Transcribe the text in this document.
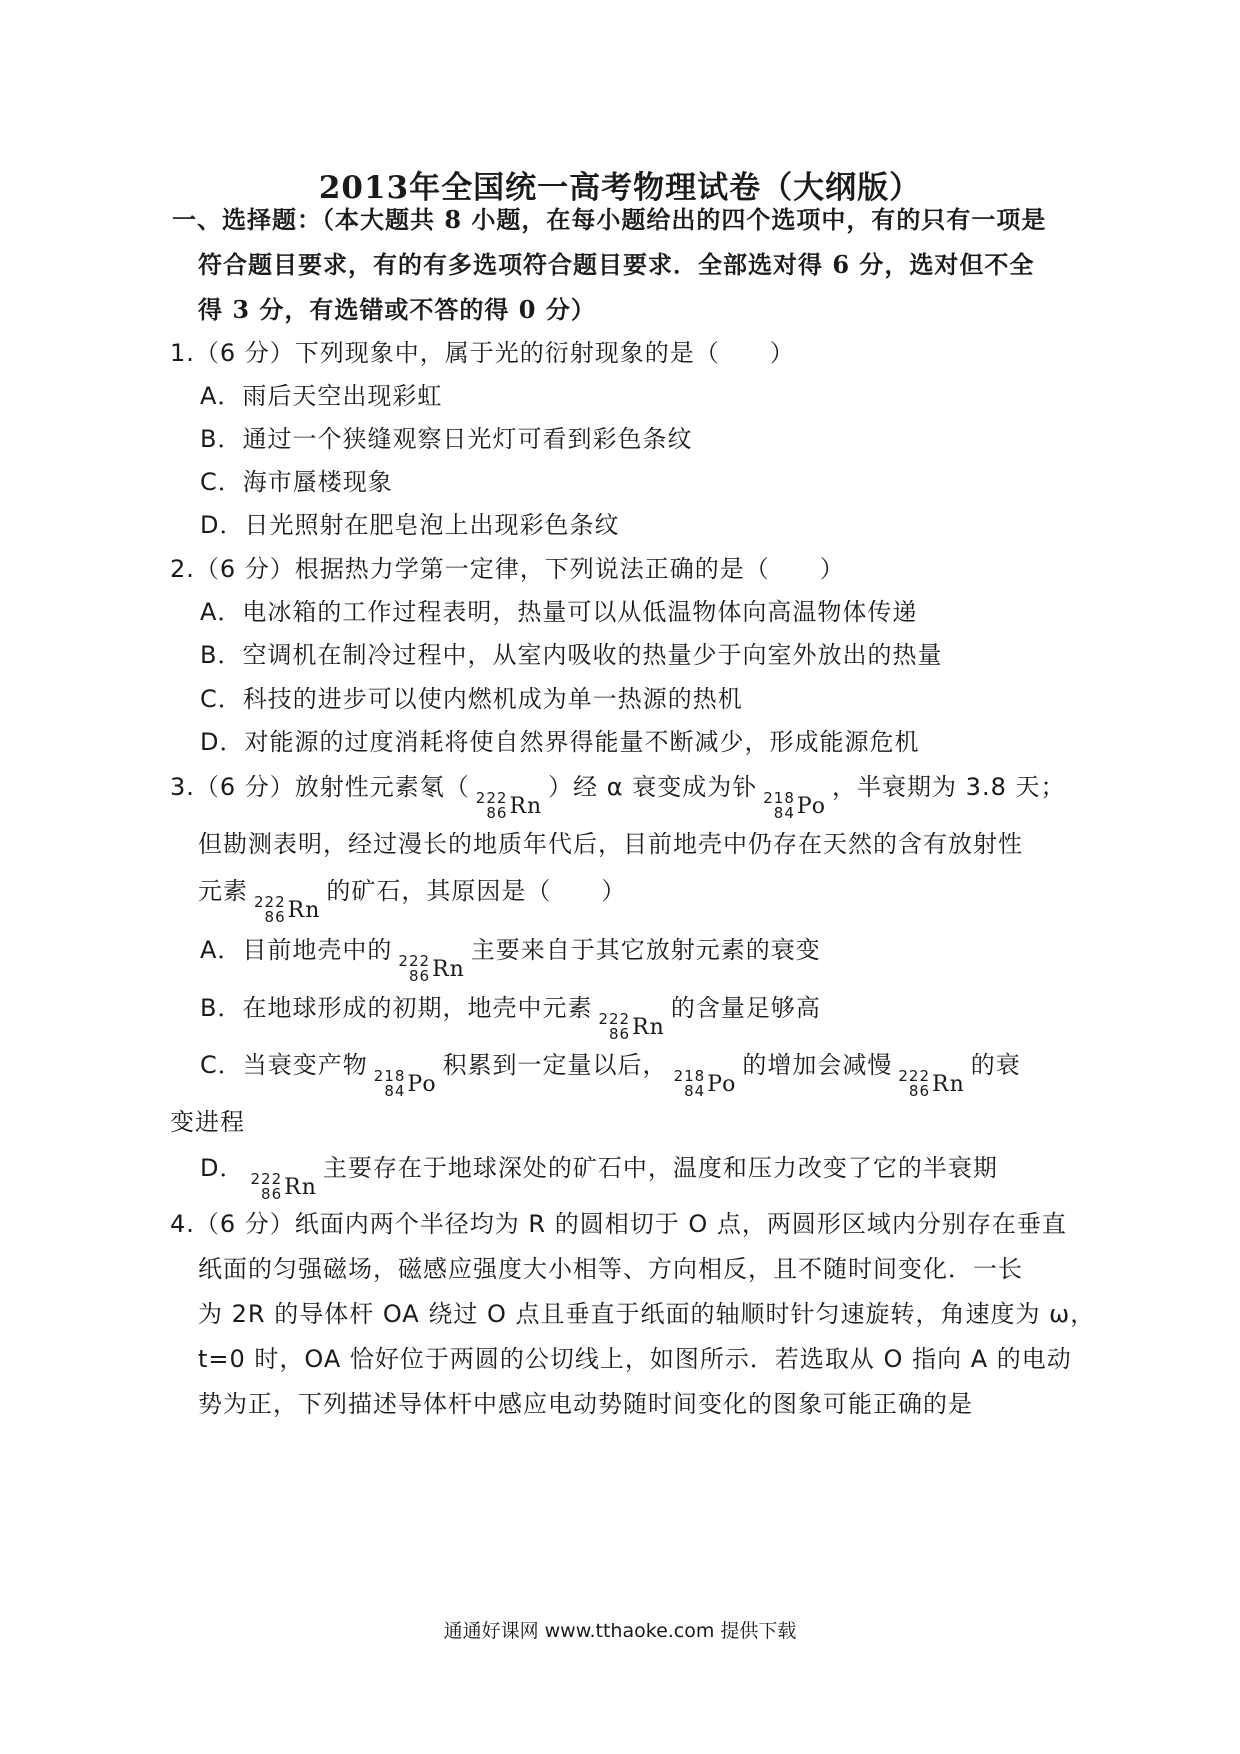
2013年全国统一高考物理试卷（大纲版）
一、选择题：（本大题共 8 小题，在每小题给出的四个选项中，有的只有一项是
符合题目要求，有的有多选项符合题目要求．全部选对得 6 分，选对但不全
得 3 分，有选错或不答的得 0 分）
1.（6 分）下列现象中，属于光的衍射现象的是（　　）
A．雨后天空出现彩虹
B．通过一个狭缝观察日光灯可看到彩色条纹
C．海市蜃楼现象
D．日光照射在肥皂泡上出现彩色条纹
2.（6 分）根据热力学第一定律，下列说法正确的是（　　）
A．电冰箱的工作过程表明，热量可以从低温物体向高温物体传递
B．空调机在制冷过程中，从室内吸收的热量少于向室外放出的热量
C．科技的进步可以使内燃机成为单一热源的热机
D．对能源的过度消耗将使自然界得能量不断减少，形成能源危机
3.（6 分）放射性元素氡（ 222
86 Rn
）经 α 衰变成为钋 218
84 Po
，半衰期为 3.8 天；
但勘测表明，经过漫长的地质年代后，目前地壳中仍存在天然的含有放射性
元素 222
86 Rn
的矿石，其原因是（　　）
A．目前地壳中的 222
86 Rn
主要来自于其它放射元素的衰变
B．在地球形成的初期，地壳中元素 222
86 Rn
的含量足够高
C．当衰变产物 218
84 Po
积累到一定量以后， 218
84 Po
的增加会减慢 222
86 Rn
的衰
变进程
D． 222
86 Rn
主要存在于地球深处的矿石中，温度和压力改变了它的半衰期
4.（6 分）纸面内两个半径均为 R 的圆相切于 O 点，两圆形区域内分别存在垂直
纸面的匀强磁场，磁感应强度大小相等、方向相反，且不随时间变化．一长
为 2R 的导体杆 OA 绕过 O 点且垂直于纸面的轴顺时针匀速旋转，角速度为 ω，
t=0 时，OA 恰好位于两圆的公切线上，如图所示．若选取从 O 指向 A 的电动
势为正，下列描述导体杆中感应电动势随时间变化的图象可能正确的是
通通好课网 www.tthaoke.com 提供下载
